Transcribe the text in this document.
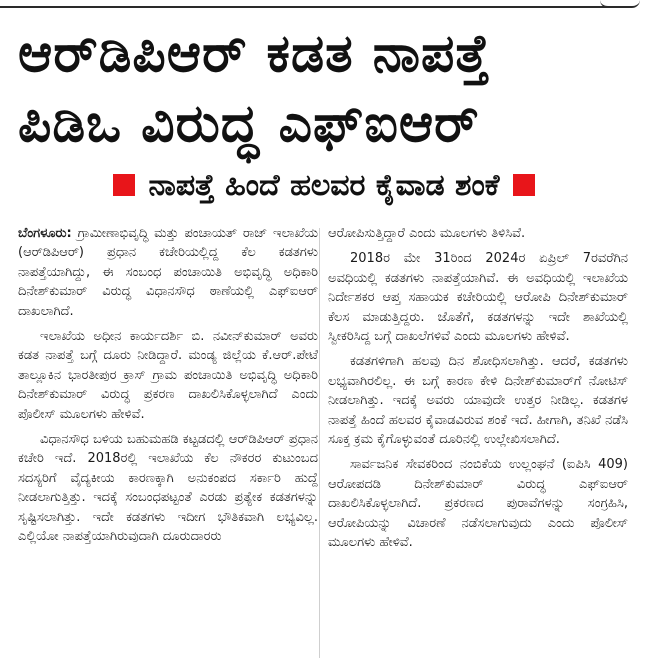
ಆರ್‌ಡಿಪಿಆರ್ ಕಡತ ನಾಪತ್ತೆ
ಪಿಡಿಒ ವಿರುದ್ಧ ಎಫ್‌ಐಆರ್
ನಾಪತ್ತೆ ಹಿಂದೆ ಹಲವರ ಕೈವಾಡ ಶಂಕೆ

ಬೆಂಗಳೂರು: ಗ್ರಾಮೀಣಾಭಿವೃದ್ಧಿ ಮತ್ತು ಪಂಚಾಯತ್ ರಾಜ್ ಇಲಾಖೆಯ (ಆರ್‌ಡಿಪಿಆರ್) ಪ್ರಧಾನ ಕಚೇರಿಯಲ್ಲಿದ್ದ ಕೆಲ ಕಡತಗಳು ನಾಪತ್ತೆಯಾಗಿದ್ದು, ಈ ಸಂಬಂಧ ಪಂಚಾಯಿತಿ ಅಭಿವೃದ್ಧಿ ಅಧಿಕಾರಿ ದಿನೇಶ್‌ಕುಮಾರ್ ವಿರುದ್ಧ ವಿಧಾನಸೌಧ ಠಾಣೆಯಲ್ಲಿ ಎಫ್‌ಐಆರ್ ದಾಖಲಾಗಿದೆ.

ಇಲಾಖೆಯ ಅಧೀನ ಕಾರ್ಯದರ್ಶಿ ಬಿ. ನವೀನ್‌ಕುಮಾರ್ ಅವರು ಕಡತ ನಾಪತ್ತೆ ಬಗ್ಗೆ ದೂರು ನೀಡಿದ್ದಾರೆ. ಮಂಡ್ಯ ಜಿಲ್ಲೆಯ ಕೆ.ಆರ್.ಪೇಟೆ ತಾಲ್ಲೂಕಿನ ಭಾರತೀಪುರ ಕ್ರಾಸ್ ಗ್ರಾಮ ಪಂಚಾಯಿತಿ ಅಭಿವೃದ್ಧಿ ಅಧಿಕಾರಿ ದಿನೇಶ್‌ಕುಮಾರ್ ವಿರುದ್ಧ ಪ್ರಕರಣ ದಾಖಲಿಸಿಕೊಳ್ಳಲಾಗಿದೆ ಎಂದು ಪೊಲೀಸ್ ಮೂಲಗಳು ಹೇಳಿವೆ.

ವಿಧಾನಸೌಧ ಬಳಿಯ ಬಹುಮಹಡಿ ಕಟ್ಟಡದಲ್ಲಿ ಆರ್‌ಡಿಪಿಆರ್ ಪ್ರಧಾನ ಕಚೇರಿ ಇದೆ. 2018ರಲ್ಲಿ ಇಲಾಖೆಯ ಕೆಲ ನೌಕರರ ಕುಟುಂಬದ ಸದಸ್ಯರಿಗೆ ವೈದ್ಯಕೀಯ ಕಾರಣಕ್ಕಾಗಿ ಅನುಕಂಪದ ಸರ್ಕಾರಿ ಹುದ್ದೆ ನೀಡಲಾಗುತ್ತಿತ್ತು. ಇದಕ್ಕೆ ಸಂಬಂಧಪಟ್ಟಂತೆ ಎರಡು ಪ್ರತ್ಯೇಕ ಕಡತಗಳನ್ನು ಸೃಷ್ಟಿಸಲಾಗಿತ್ತು. ಇದೇ ಕಡತಗಳು ಇದೀಗ ಭೌತಿಕವಾಗಿ ಲಭ್ಯವಿಲ್ಲ. ಎಲ್ಲಿಯೋ ನಾಪತ್ತೆಯಾಗಿರುವುದಾಗಿ ದೂರುದಾರರು

ಆರೋಪಿಸುತ್ತಿದ್ದಾರೆ ಎಂದು ಮೂಲಗಳು ತಿಳಿಸಿವೆ.

2018ರ ಮೇ 31ರಿಂದ 2024ರ ಏಪ್ರಿಲ್ 7ರವರೆಗಿನ ಅವಧಿಯಲ್ಲಿ ಕಡತಗಳು ನಾಪತ್ತೆಯಾಗಿವೆ. ಈ ಅವಧಿಯಲ್ಲಿ ಇಲಾಖೆಯ ನಿರ್ದೇಶಕರ ಆಪ್ತ ಸಹಾಯಕ ಕಚೇರಿಯಲ್ಲಿ ಆರೋಪಿ ದಿನೇಶ್‌ಕುಮಾರ್ ಕೆಲಸ ಮಾಡುತ್ತಿದ್ದರು. ಜೊತೆಗೆ, ಕಡತಗಳನ್ನು ಇದೇ ಶಾಖೆಯಲ್ಲಿ ಸ್ವೀಕರಿಸಿದ್ದ ಬಗ್ಗೆ ದಾಖಲೆಗಳಿವೆ ಎಂದು ಮೂಲಗಳು ಹೇಳಿವೆ.

ಕಡತಗಳಿಗಾಗಿ ಹಲವು ದಿನ ಶೋಧಿಸಲಾಗಿತ್ತು. ಆದರೆ, ಕಡತಗಳು ಲಭ್ಯವಾಗಿರಲಿಲ್ಲ. ಈ ಬಗ್ಗೆ ಕಾರಣ ಕೇಳಿ ದಿನೇಶ್‌ಕುಮಾರ್‌ಗೆ ನೋಟಿಸ್ ನೀಡಲಾಗಿತ್ತು. ಇದಕ್ಕೆ ಅವರು ಯಾವುದೇ ಉತ್ತರ ನೀಡಿಲ್ಲ. ಕಡತಗಳ ನಾಪತ್ತೆ ಹಿಂದೆ ಹಲವರ ಕೈವಾಡವಿರುವ ಶಂಕೆ ಇದೆ. ಹೀಗಾಗಿ, ತನಿಖೆ ನಡೆಸಿ ಸೂಕ್ತ ಕ್ರಮ ಕೈಗೊಳ್ಳುವಂತೆ ದೂರಿನಲ್ಲಿ ಉಲ್ಲೇಖಿಸಲಾಗಿದೆ.

ಸಾರ್ವಜನಿಕ ಸೇವಕರಿಂದ ನಂಬಿಕೆಯ ಉಲ್ಲಂಘನೆ (ಐಪಿಸಿ 409) ಆರೋಪದಡಿ ದಿನೇಶ್‌ಕುಮಾರ್ ವಿರುದ್ಧ ಎಫ್‌ಐಆರ್ ದಾಖಲಿಸಿಕೊಳ್ಳಲಾಗಿದೆ. ಪ್ರಕರಣದ ಪುರಾವೆಗಳನ್ನು ಸಂಗ್ರಹಿಸಿ, ಆರೋಪಿಯನ್ನು ವಿಚಾರಣೆ ನಡೆಸಲಾಗುವುದು ಎಂದು ಪೊಲೀಸ್ ಮೂಲಗಳು ಹೇಳಿವೆ.
